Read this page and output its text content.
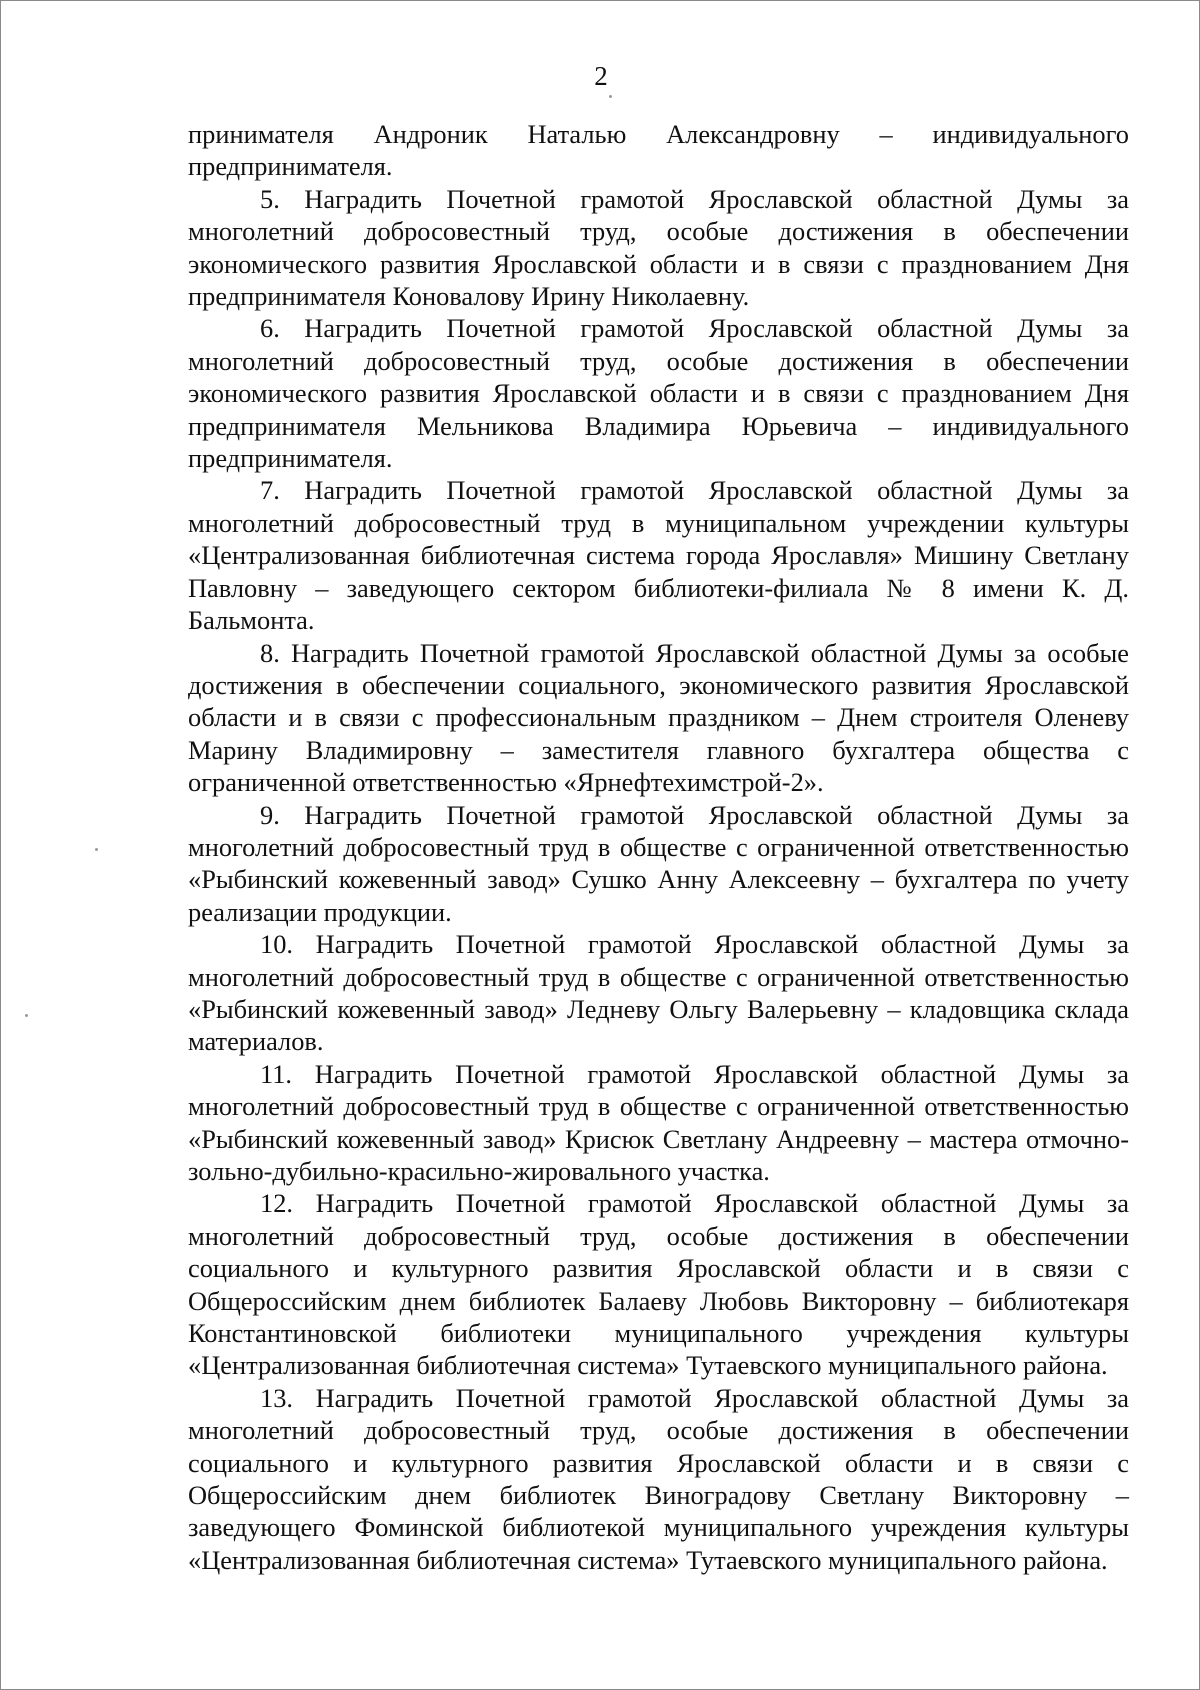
2

принимателя Андроник Наталью Александровну – индивидуального предпринимателя.

5. Наградить Почетной грамотой Ярославской областной Думы за многолетний добросовестный труд, особые достижения в обеспечении экономического развития Ярославской области и в связи с празднованием Дня предпринимателя Коновалову Ирину Николаевну.

6. Наградить Почетной грамотой Ярославской областной Думы за многолетний добросовестный труд, особые достижения в обеспечении экономического развития Ярославской области и в связи с празднованием Дня предпринимателя Мельникова Владимира Юрьевича – индивидуального предпринимателя.

7. Наградить Почетной грамотой Ярославской областной Думы за многолетний добросовестный труд в муниципальном учреждении культуры «Централизованная библиотечная система города Ярославля» Мишину Светлану Павловну – заведующего сектором библиотеки-филиала № 8 имени К. Д. Бальмонта.

8. Наградить Почетной грамотой Ярославской областной Думы за особые достижения в обеспечении социального, экономического развития Ярославской области и в связи с профессиональным праздником – Днем строителя Оленеву Марину Владимировну – заместителя главного бухгалтера общества с ограниченной ответственностью «Ярнефтехимстрой-2».

9. Наградить Почетной грамотой Ярославской областной Думы за многолетний добросовестный труд в обществе с ограниченной ответственностью «Рыбинский кожевенный завод» Сушко Анну Алексеевну – бухгалтера по учету реализации продукции.

10. Наградить Почетной грамотой Ярославской областной Думы за многолетний добросовестный труд в обществе с ограниченной ответственностью «Рыбинский кожевенный завод» Ледневу Ольгу Валерьевну – кладовщика склада материалов.

11. Наградить Почетной грамотой Ярославской областной Думы за многолетний добросовестный труд в обществе с ограниченной ответственностью «Рыбинский кожевенный завод» Крисюк Светлану Андреевну – мастера отмочно-зольно-дубильно-красильно-жировального участка.

12. Наградить Почетной грамотой Ярославской областной Думы за многолетний добросовестный труд, особые достижения в обеспечении социального и культурного развития Ярославской области и в связи с Общероссийским днем библиотек Балаеву Любовь Викторовну – библиотекаря Константиновской библиотеки муниципального учреждения культуры «Централизованная библиотечная система» Тутаевского муниципального района.

13. Наградить Почетной грамотой Ярославской областной Думы за многолетний добросовестный труд, особые достижения в обеспечении социального и культурного развития Ярославской области и в связи с Общероссийским днем библиотек Виноградову Светлану Викторовну – заведующего Фоминской библиотекой муниципального учреждения культуры «Централизованная библиотечная система» Тутаевского муниципального района.
